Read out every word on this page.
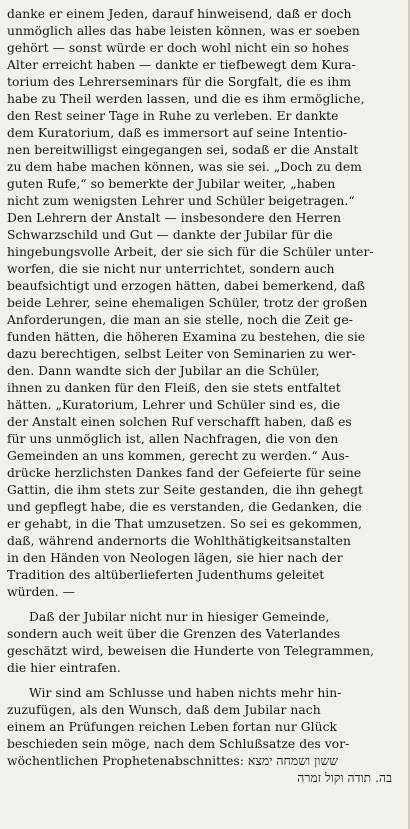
danke er einem Jeden, darauf hinweisend, daß er doch
unmöglich alles das habe leisten können, was er soeben
gehört — sonst würde er doch wohl nicht ein so hohes
Alter erreicht haben — dankte er tiefbewegt dem Kura-
torium des Lehrerseminars für die Sorgfalt, die es ihm
habe zu Theil werden lassen, und die es ihm ermögliche,
den Rest seiner Tage in Ruhe zu verleben. Er dankte
dem Kuratorium, daß es immersort auf seine Intentio-
nen bereitwilligst eingegangen sei, sodaß er die Anstalt
zu dem habe machen können, was sie sei. „Doch zu dem
guten Rufe,“ so bemerkte der Jubilar weiter, „haben
nicht zum wenigsten Lehrer und Schüler beigetragen.“
Den Lehrern der Anstalt — insbesondere den Herren
Schwarzschild und Gut — dankte der Jubilar für die
hingebungsvolle Arbeit, der sie sich für die Schüler unter-
worfen, die sie nicht nur unterrichtet, sondern auch
beaufsichtigt und erzogen hätten, dabei bemerkend, daß
beide Lehrer, seine ehemaligen Schüler, trotz der großen
Anforderungen, die man an sie stelle, noch die Zeit ge-
funden hätten, die höheren Examina zu bestehen, die sie
dazu berechtigen, selbst Leiter von Seminarien zu wer-
den. Dann wandte sich der Jubilar an die Schüler,
ihnen zu danken für den Fleiß, den sie stets entfaltet
hätten. „Kuratorium, Lehrer und Schüler sind es, die
der Anstalt einen solchen Ruf verschafft haben, daß es
für uns unmöglich ist, allen Nachfragen, die von den
Gemeinden an uns kommen, gerecht zu werden.“ Aus-
drücke herzlichsten Dankes fand der Gefeierte für seine
Gattin, die ihm stets zur Seite gestanden, die ihn gehegt
und gepflegt habe, die es verstanden, die Gedanken, die
er gehabt, in die That umzusetzen. So sei es gekommen,
daß, während andernorts die Wohlthätigkeitsanstalten
in den Händen von Neologen lägen, sie hier nach der
Tradition des altüberlieferten Judenthums geleitet
würden. —
Daß der Jubilar nicht nur in hiesiger Gemeinde,
sondern auch weit über die Grenzen des Vaterlandes
geschätzt wird, beweisen die Hunderte von Telegrammen,
die hier eintrafen.
Wir sind am Schlusse und haben nichts mehr hin-
zuzufügen, als den Wunsch, daß dem Jubilar nach
einem an Prüfungen reichen Leben fortan nur Glück
beschieden sein möge, nach dem Schlußsatze des vor-
wöchentlichen Prophetenabschnittes: ששון ושמחה ימצא
בה. תודה וקול זמרה
